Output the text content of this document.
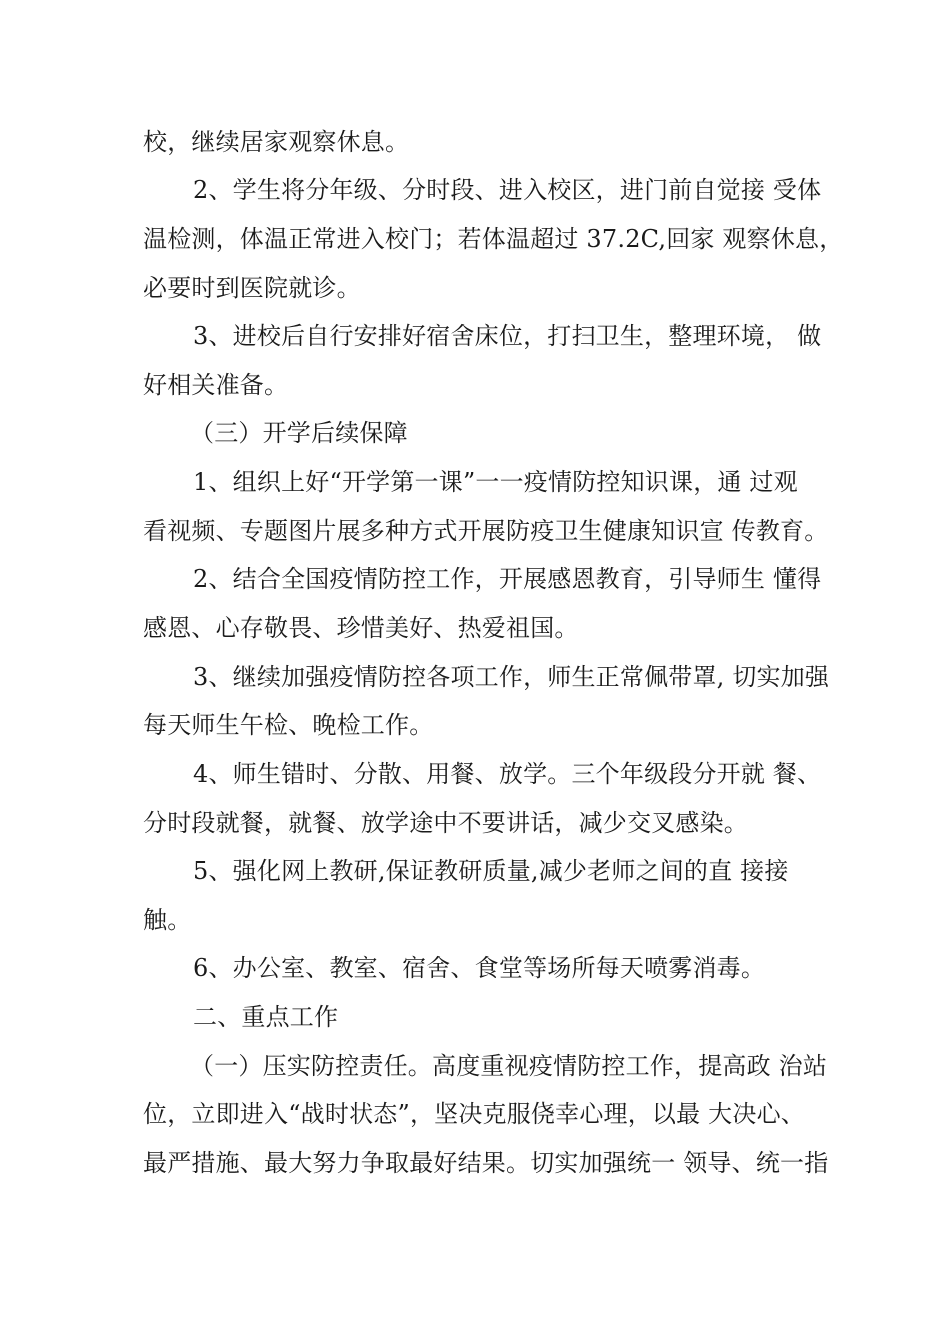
校，继续居家观察休息。
2、学生将分年级、分时段、进入校区，进门前自觉接 受体
温检测，体温正常进入校门；若体温超过 37.2C,回家 观察休息，
必要时到医院就诊。
3、进校后自行安排好宿舍床位，打扫卫生，整理环境， 做
好相关准备。
（三）开学后续保障
1、组织上好“开学第一课”一一疫情防控知识课，通 过观
看视频、专题图片展多种方式开展防疫卫生健康知识宣 传教育。
2、结合全国疫情防控工作，开展感恩教育，引导师生 懂得
感恩、心存敬畏、珍惜美好、热爱祖国。
3、继续加强疫情防控各项工作，师生正常佩带罩, 切实加强
每天师生午检、晚检工作。
4、师生错时、分散、用餐、放学。三个年级段分开就 餐、
分时段就餐，就餐、放学途中不要讲话，减少交叉感染。
5、强化网上教研,保证教研质量,减少老师之间的直 接接
触。
6、办公室、教室、宿舍、食堂等场所每天喷雾消毒。
二、重点工作
（一）压实防控责任。高度重视疫情防控工作，提高政 治站
位，立即进入“战时状态”，坚决克服侥幸心理，以最 大决心、
最严措施、最大努力争取最好结果。切实加强统一 领导、统一指
